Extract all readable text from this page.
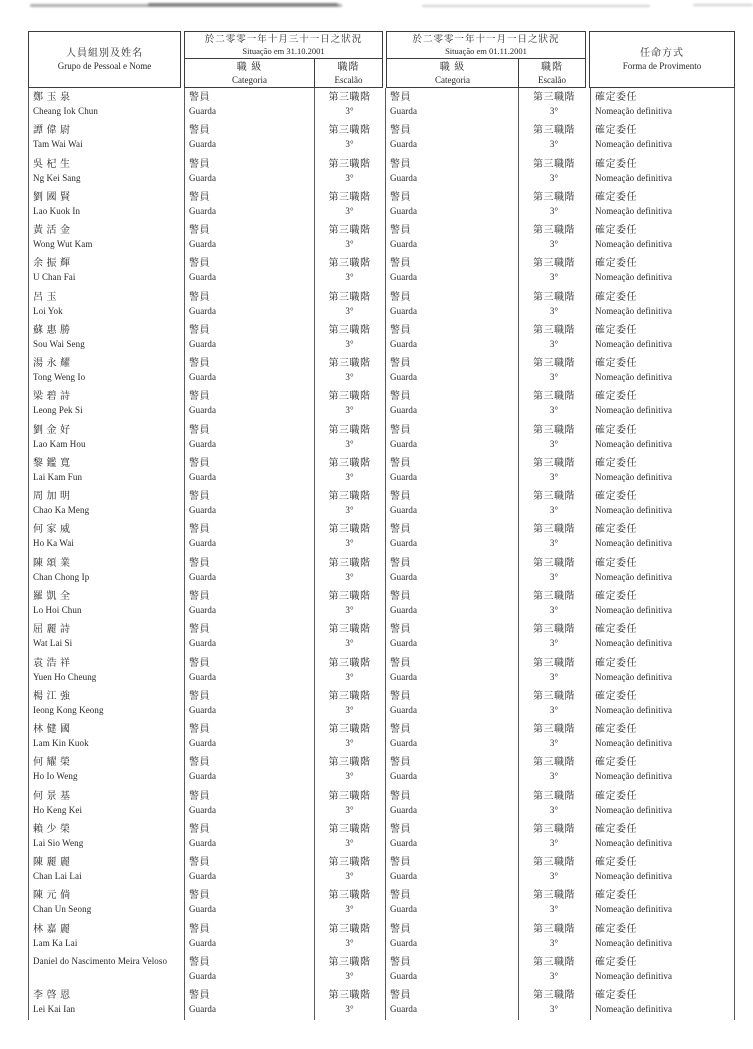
人員組別及姓名
Grupo de Pessoal e Nome
於二零零一年十月三十一日之狀況
Situação em 31.10.2001
職 級
Categoria
職階
Escalão
於二零零一年十一月一日之狀況
Situação em 01.11.2001
職 級
Categoria
職階
Escalão
任命方式
Forma de Provimento
鄭 玉 泉
Cheang Iok Chun
警員
Guarda
第三職階
3°
警員
Guarda
第三職階
3°
確定委任
Nomeação definitiva
譚 偉 尉
Tam Wai Wai
警員
Guarda
第三職階
3°
警員
Guarda
第三職階
3°
確定委任
Nomeação definitiva
吳 杞 生
Ng Kei Sang
警員
Guarda
第三職階
3°
警員
Guarda
第三職階
3°
確定委任
Nomeação definitiva
劉 國 賢
Lao Kuok In
警員
Guarda
第三職階
3°
警員
Guarda
第三職階
3°
確定委任
Nomeação definitiva
黃 活 金
Wong Wut Kam
警員
Guarda
第三職階
3°
警員
Guarda
第三職階
3°
確定委任
Nomeação definitiva
余 振 輝
U Chan Fai
警員
Guarda
第三職階
3°
警員
Guarda
第三職階
3°
確定委任
Nomeação definitiva
呂 玉
Loi Yok
警員
Guarda
第三職階
3°
警員
Guarda
第三職階
3°
確定委任
Nomeação definitiva
蘇 惠 勝
Sou Wai Seng
警員
Guarda
第三職階
3°
警員
Guarda
第三職階
3°
確定委任
Nomeação definitiva
湯 永 耀
Tong Weng Io
警員
Guarda
第三職階
3°
警員
Guarda
第三職階
3°
確定委任
Nomeação definitiva
梁 碧 詩
Leong Pek Si
警員
Guarda
第三職階
3°
警員
Guarda
第三職階
3°
確定委任
Nomeação definitiva
劉 金 好
Lao Kam Hou
警員
Guarda
第三職階
3°
警員
Guarda
第三職階
3°
確定委任
Nomeação definitiva
黎 鑑 寬
Lai Kam Fun
警員
Guarda
第三職階
3°
警員
Guarda
第三職階
3°
確定委任
Nomeação definitiva
周 加 明
Chao Ka Meng
警員
Guarda
第三職階
3°
警員
Guarda
第三職階
3°
確定委任
Nomeação definitiva
何 家 威
Ho Ka Wai
警員
Guarda
第三職階
3°
警員
Guarda
第三職階
3°
確定委任
Nomeação definitiva
陳 頌 業
Chan Chong Ip
警員
Guarda
第三職階
3°
警員
Guarda
第三職階
3°
確定委任
Nomeação definitiva
羅 凱 全
Lo Hoi Chun
警員
Guarda
第三職階
3°
警員
Guarda
第三職階
3°
確定委任
Nomeação definitiva
屈 麗 詩
Wat Lai Si
警員
Guarda
第三職階
3°
警員
Guarda
第三職階
3°
確定委任
Nomeação definitiva
袁 浩 祥
Yuen Ho Cheung
警員
Guarda
第三職階
3°
警員
Guarda
第三職階
3°
確定委任
Nomeação definitiva
楊 江 強
Ieong Kong Keong
警員
Guarda
第三職階
3°
警員
Guarda
第三職階
3°
確定委任
Nomeação definitiva
林 健 國
Lam Kin Kuok
警員
Guarda
第三職階
3°
警員
Guarda
第三職階
3°
確定委任
Nomeação definitiva
何 耀 榮
Ho Io Weng
警員
Guarda
第三職階
3°
警員
Guarda
第三職階
3°
確定委任
Nomeação definitiva
何 景 基
Ho Keng Kei
警員
Guarda
第三職階
3°
警員
Guarda
第三職階
3°
確定委任
Nomeação definitiva
賴 少 榮
Lai Sio Weng
警員
Guarda
第三職階
3°
警員
Guarda
第三職階
3°
確定委任
Nomeação definitiva
陳 麗 麗
Chan Lai Lai
警員
Guarda
第三職階
3°
警員
Guarda
第三職階
3°
確定委任
Nomeação definitiva
陳 元 倘
Chan Un Seong
警員
Guarda
第三職階
3°
警員
Guarda
第三職階
3°
確定委任
Nomeação definitiva
林 嘉 麗
Lam Ka Lai
警員
Guarda
第三職階
3°
警員
Guarda
第三職階
3°
確定委任
Nomeação definitiva
Daniel do Nascimento Meira Veloso	警員
Guarda
第三職階
3°
警員
Guarda
第三職階
3°
確定委任
Nomeação definitiva
李 啓 恩
Lei Kai Ian
警員
Guarda
第三職階
3°
警員
Guarda
第三職階
3°
確定委任
Nomeação definitiva
